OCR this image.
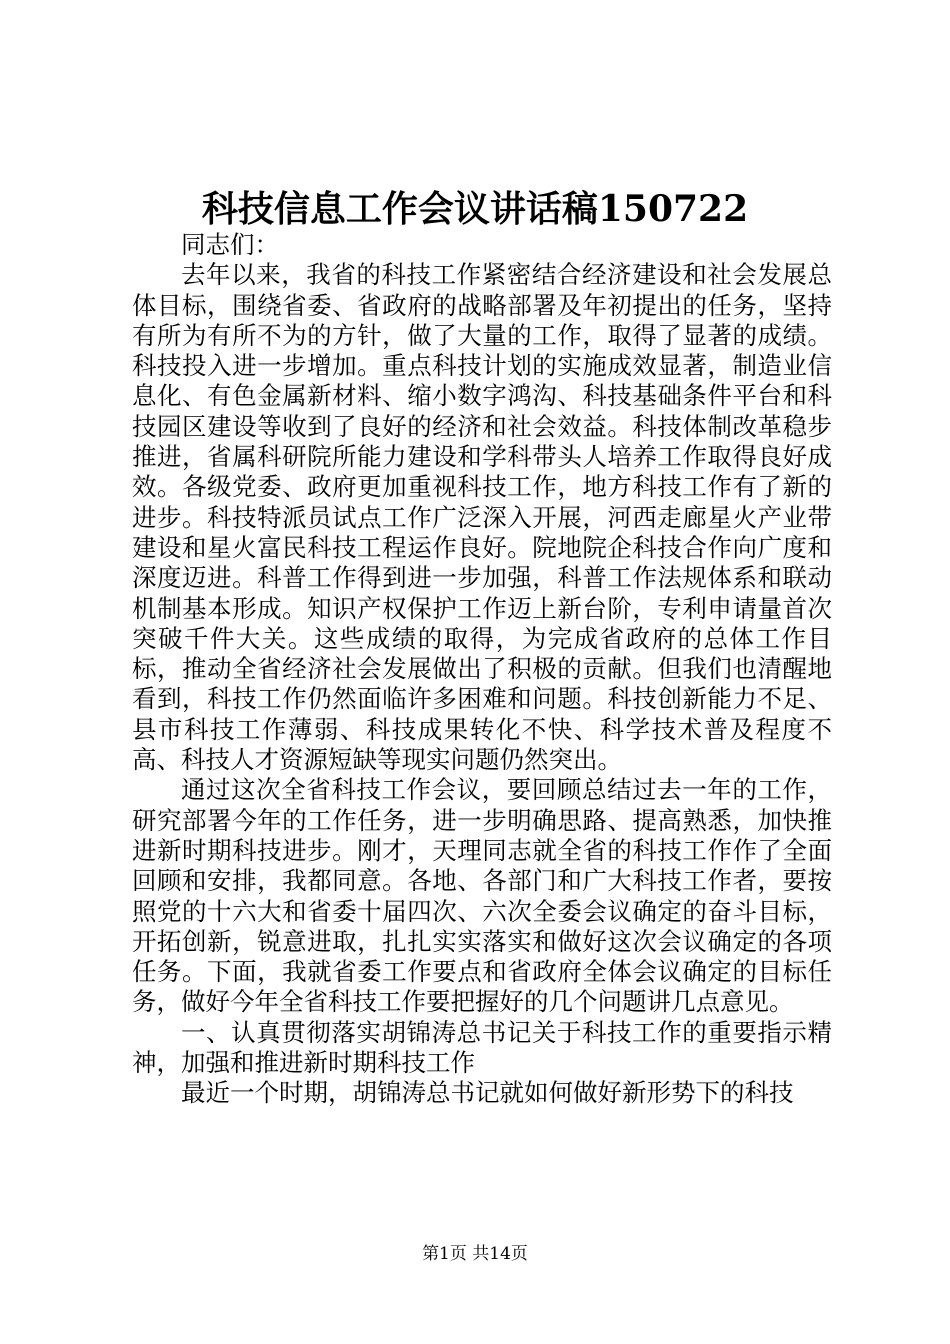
科技信息工作会议讲话稿150722

同志们：

去年以来，我省的科技工作紧密结合经济建设和社会发展总体目标，围绕省委、省政府的战略部署及年初提出的任务，坚持有所为有所不为的方针，做了大量的工作，取得了显著的成绩。科技投入进一步增加。重点科技计划的实施成效显著，制造业信息化、有色金属新材料、缩小数字鸿沟、科技基础条件平台和科技园区建设等收到了良好的经济和社会效益。科技体制改革稳步推进，省属科研院所能力建设和学科带头人培养工作取得良好成效。各级党委、政府更加重视科技工作，地方科技工作有了新的进步。科技特派员试点工作广泛深入开展，河西走廊星火产业带建设和星火富民科技工程运作良好。院地院企科技合作向广度和深度迈进。科普工作得到进一步加强，科普工作法规体系和联动机制基本形成。知识产权保护工作迈上新台阶，专利申请量首次突破千件大关。这些成绩的取得，为完成省政府的总体工作目标，推动全省经济社会发展做出了积极的贡献。但我们也清醒地看到，科技工作仍然面临许多困难和问题。科技创新能力不足、县市科技工作薄弱、科技成果转化不快、科学技术普及程度不高、科技人才资源短缺等现实问题仍然突出。

通过这次全省科技工作会议，要回顾总结过去一年的工作，研究部署今年的工作任务，进一步明确思路、提高熟悉，加快推进新时期科技进步。刚才，天理同志就全省的科技工作作了全面回顾和安排，我都同意。各地、各部门和广大科技工作者，要按照党的十六大和省委十届四次、六次全委会议确定的奋斗目标，开拓创新，锐意进取，扎扎实实落实和做好这次会议确定的各项任务。下面，我就省委工作要点和省政府全体会议确定的目标任务，做好今年全省科技工作要把握好的几个问题讲几点意见。

一、认真贯彻落实胡锦涛总书记关于科技工作的重要指示精神，加强和推进新时期科技工作

最近一个时期，胡锦涛总书记就如何做好新形势下的科技

第1页 共14页
